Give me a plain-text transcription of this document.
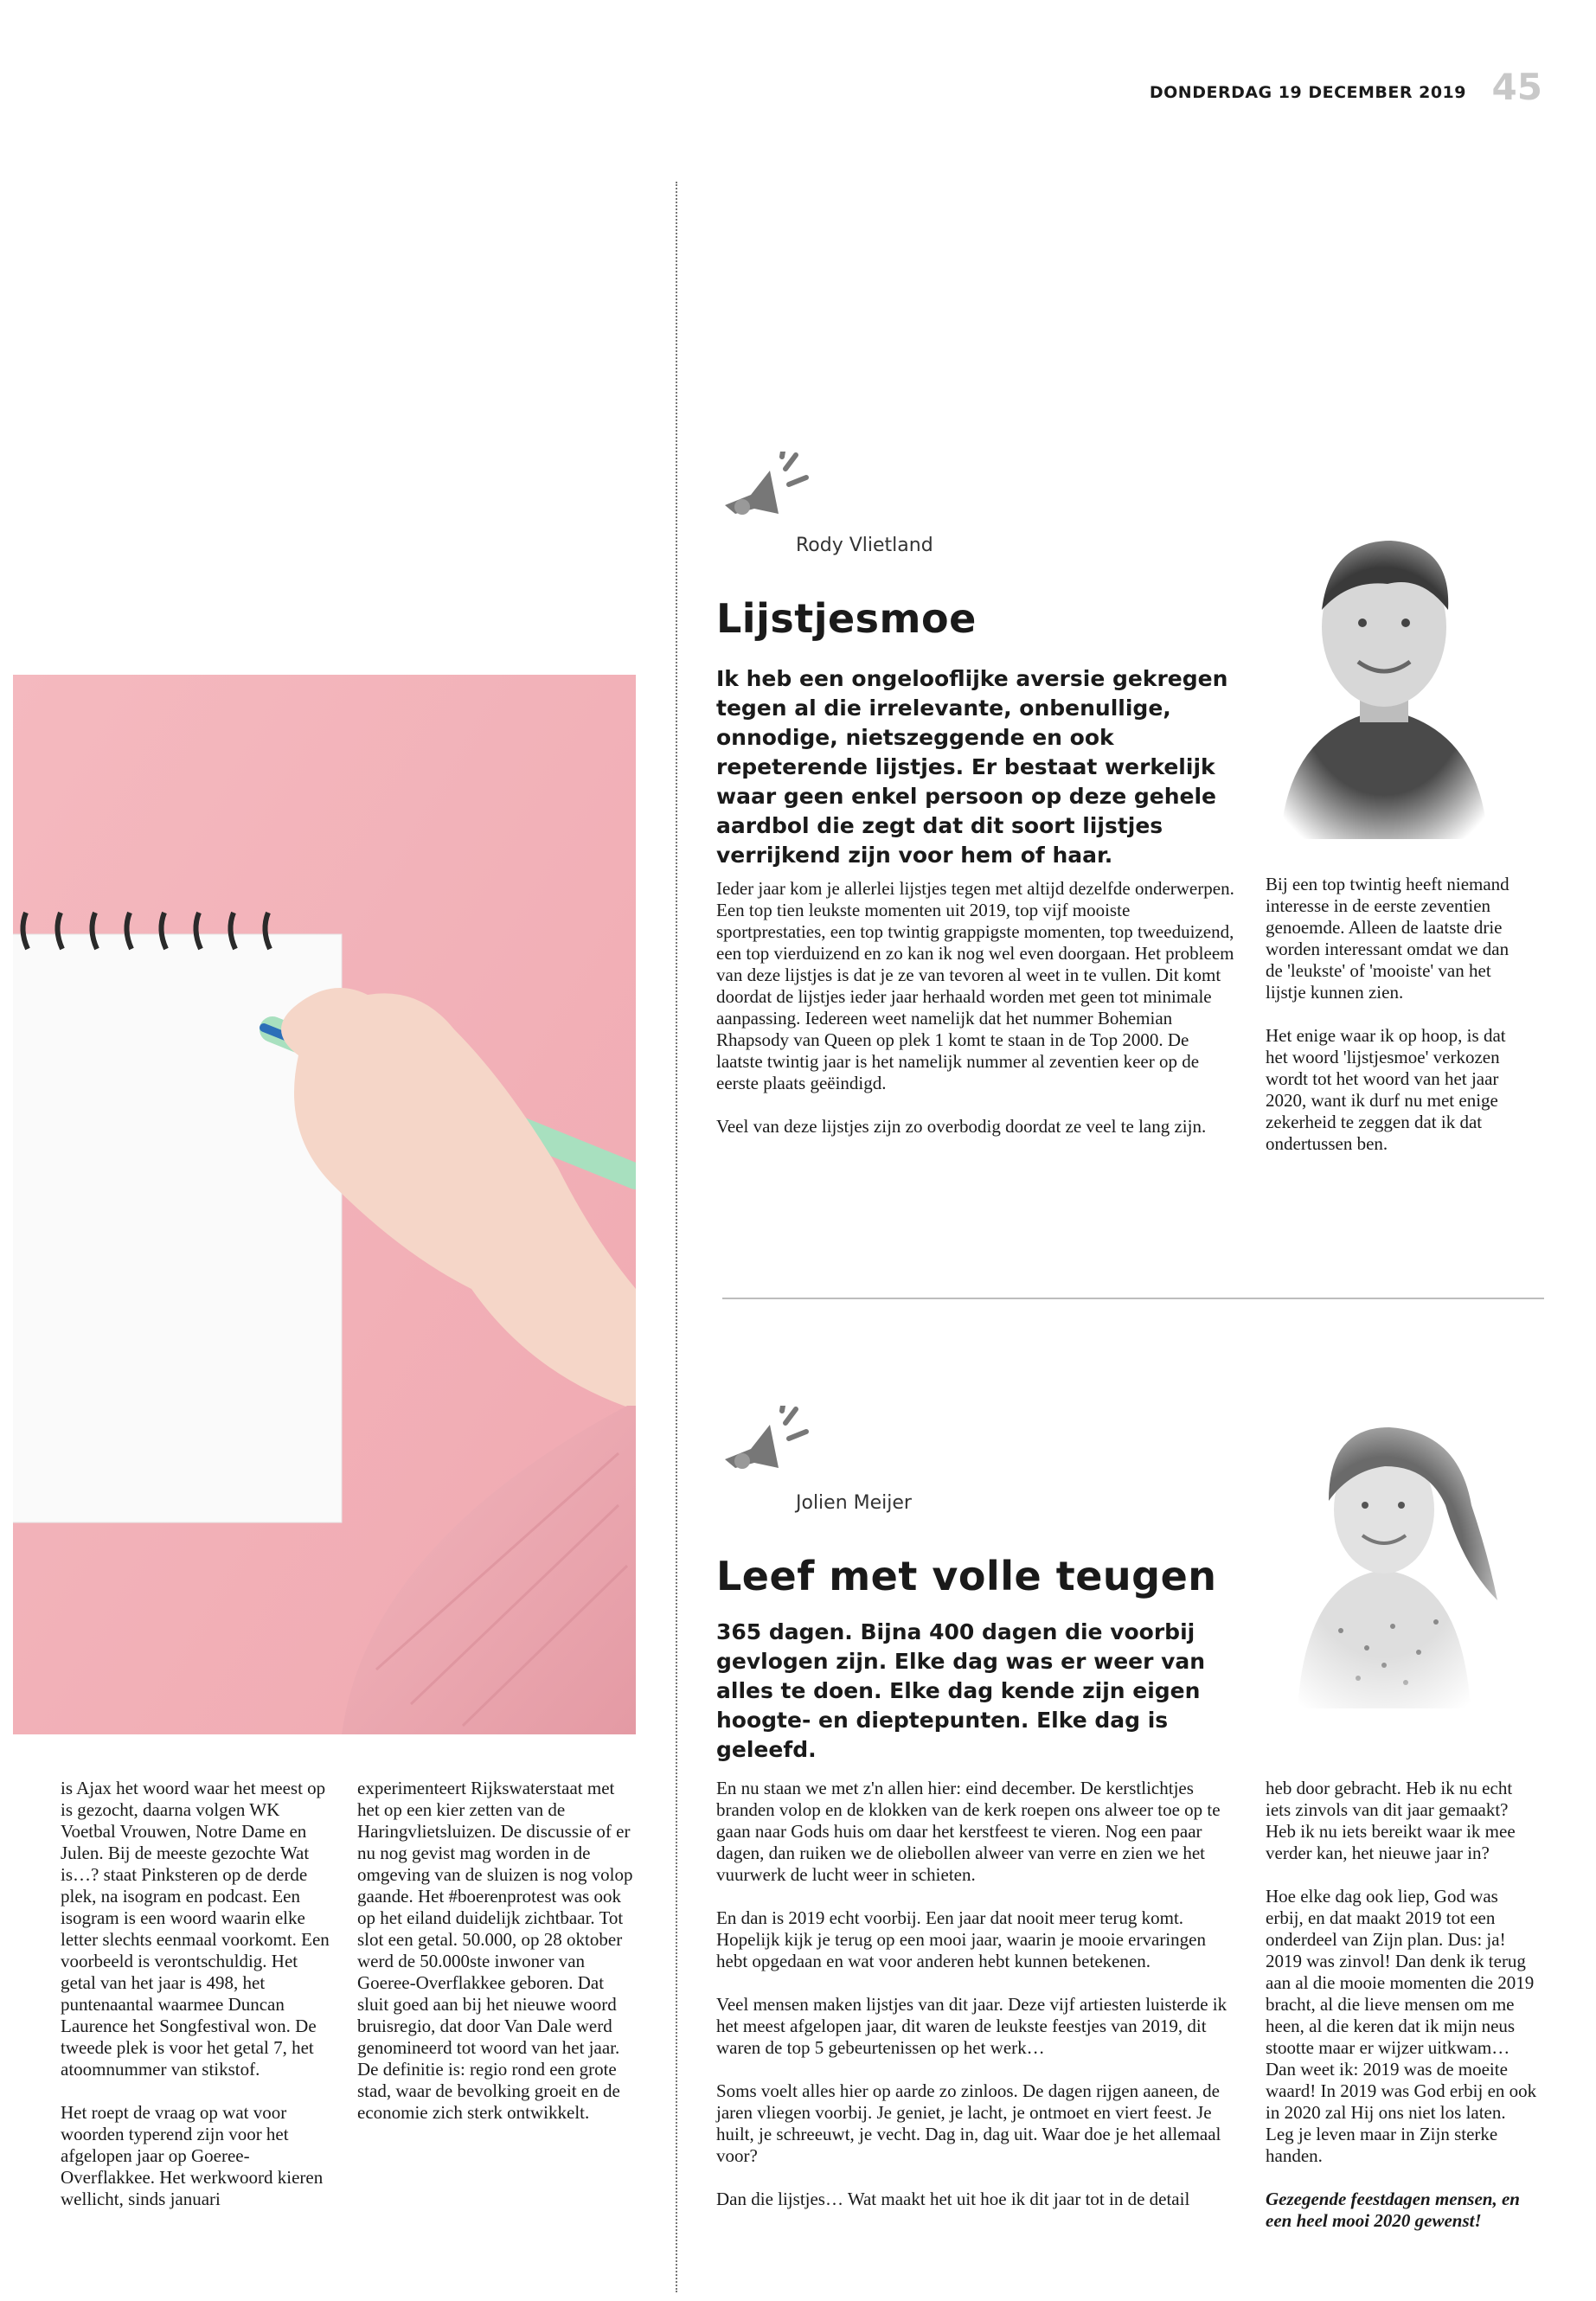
DONDERDAG 19 DECEMBER 2019 45
Rody Vlietland
Lijstjesmoe
Ik heb een ongelooflijke aversie gekregen tegen al die irrelevante, onbenullige, onnodige, nietszeggende en ook repeterende lijstjes. Er bestaat werkelijk waar geen enkel persoon op deze gehele aardbol die zegt dat dit soort lijstjes verrijkend zijn voor hem of haar.

Ieder jaar kom je allerlei lijstjes tegen met altijd dezelfde onderwerpen. Een top tien leukste momenten uit 2019, top vijf mooiste sportprestaties, een top twintig grappigste momenten, top tweeduizend, een top vierduizend en zo kan ik nog wel even doorgaan. Het probleem van deze lijstjes is dat je ze van tevoren al weet in te vullen. Dit komt doordat de lijstjes ieder jaar herhaald worden met geen tot minimale aanpassing. Iedereen weet namelijk dat het nummer Bohemian Rhapsody van Queen op plek 1 komt te staan in de Top 2000. De laatste twintig jaar is het namelijk nummer al zeventien keer op de eerste plaats geëindigd.

Veel van deze lijstjes zijn zo overbodig doordat ze veel te lang zijn.

Bij een top twintig heeft niemand interesse in de eerste zeventien genoemde. Alleen de laatste drie worden interessant omdat we dan de 'leukste' of 'mooiste' van het lijstje kunnen zien.

Het enige waar ik op hoop, is dat het woord 'lijstjesmoe' verkozen wordt tot het woord van het jaar 2020, want ik durf nu met enige zekerheid te zeggen dat ik dat ondertussen ben.

Jolien Meijer
Leef met volle teugen
365 dagen. Bijna 400 dagen die voorbij gevlogen zijn. Elke dag was er weer van alles te doen. Elke dag kende zijn eigen hoogte- en dieptepunten. Elke dag is geleefd.

En nu staan we met z'n allen hier: eind december. De kerstlichtjes branden volop en de klokken van de kerk roepen ons alweer toe op te gaan naar Gods huis om daar het kerstfeest te vieren. Nog een paar dagen, dan ruiken we de oliebollen alweer van verre en zien we het vuurwerk de lucht weer in schieten.

En dan is 2019 echt voorbij. Een jaar dat nooit meer terug komt. Hopelijk kijk je terug op een mooi jaar, waarin je mooie ervaringen hebt opgedaan en wat voor anderen hebt kunnen betekenen.

Veel mensen maken lijstjes van dit jaar. Deze vijf artiesten luisterde ik het meest afgelopen jaar, dit waren de leukste feestjes van 2019, dit waren de top 5 gebeurtenissen op het werk…

Soms voelt alles hier op aarde zo zinloos. De dagen rijgen aaneen, de jaren vliegen voorbij. Je geniet, je lacht, je ontmoet en viert feest. Je huilt, je schreeuwt, je vecht. Dag in, dag uit. Waar doe je het allemaal voor?

Dan die lijstjes… Wat maakt het uit hoe ik dit jaar tot in de detail

heb door gebracht. Heb ik nu echt iets zinvols van dit jaar gemaakt? Heb ik nu iets bereikt waar ik mee verder kan, het nieuwe jaar in?

Hoe elke dag ook liep, God was erbij, en dat maakt 2019 tot een onderdeel van Zijn plan. Dus: ja! 2019 was zinvol! Dan denk ik terug aan al die mooie momenten die 2019 bracht, al die lieve mensen om me heen, al die keren dat ik mijn neus stootte maar er wijzer uitkwam… Dan weet ik: 2019 was de moeite waard! In 2019 was God erbij en ook in 2020 zal Hij ons niet los laten. Leg je leven maar in Zijn sterke handen.

Gezegende feestdagen mensen, en een heel mooi 2020 gewenst!

is Ajax het woord waar het meest op is gezocht, daarna volgen WK Voetbal Vrouwen, Notre Dame en Julen. Bij de meeste gezochte Wat is…? staat Pinksteren op de derde plek, na isogram en podcast. Een isogram is een woord waarin elke letter slechts eenmaal voorkomt. Een voorbeeld is verontschuldig. Het getal van het jaar is 498, het puntenaantal waarmee Duncan Laurence het Songfestival won. De tweede plek is voor het getal 7, het atoomnummer van stikstof.

Het roept de vraag op wat voor woorden typerend zijn voor het afgelopen jaar op Goeree-Overflakkee. Het werkwoord kieren wellicht, sinds januari

experimenteert Rijkswaterstaat met het op een kier zetten van de Haringvlietsluizen. De discussie of er nu nog gevist mag worden in de omgeving van de sluizen is nog volop gaande. Het #boerenprotest was ook op het eiland duidelijk zichtbaar. Tot slot een getal. 50.000, op 28 oktober werd de 50.000ste inwoner van Goeree-Overflakkee geboren. Dat sluit goed aan bij het nieuwe woord bruisregio, dat door Van Dale werd genomineerd tot woord van het jaar. De definitie is: regio rond een grote stad, waar de bevolking groeit en de economie zich sterk ontwikkelt.
